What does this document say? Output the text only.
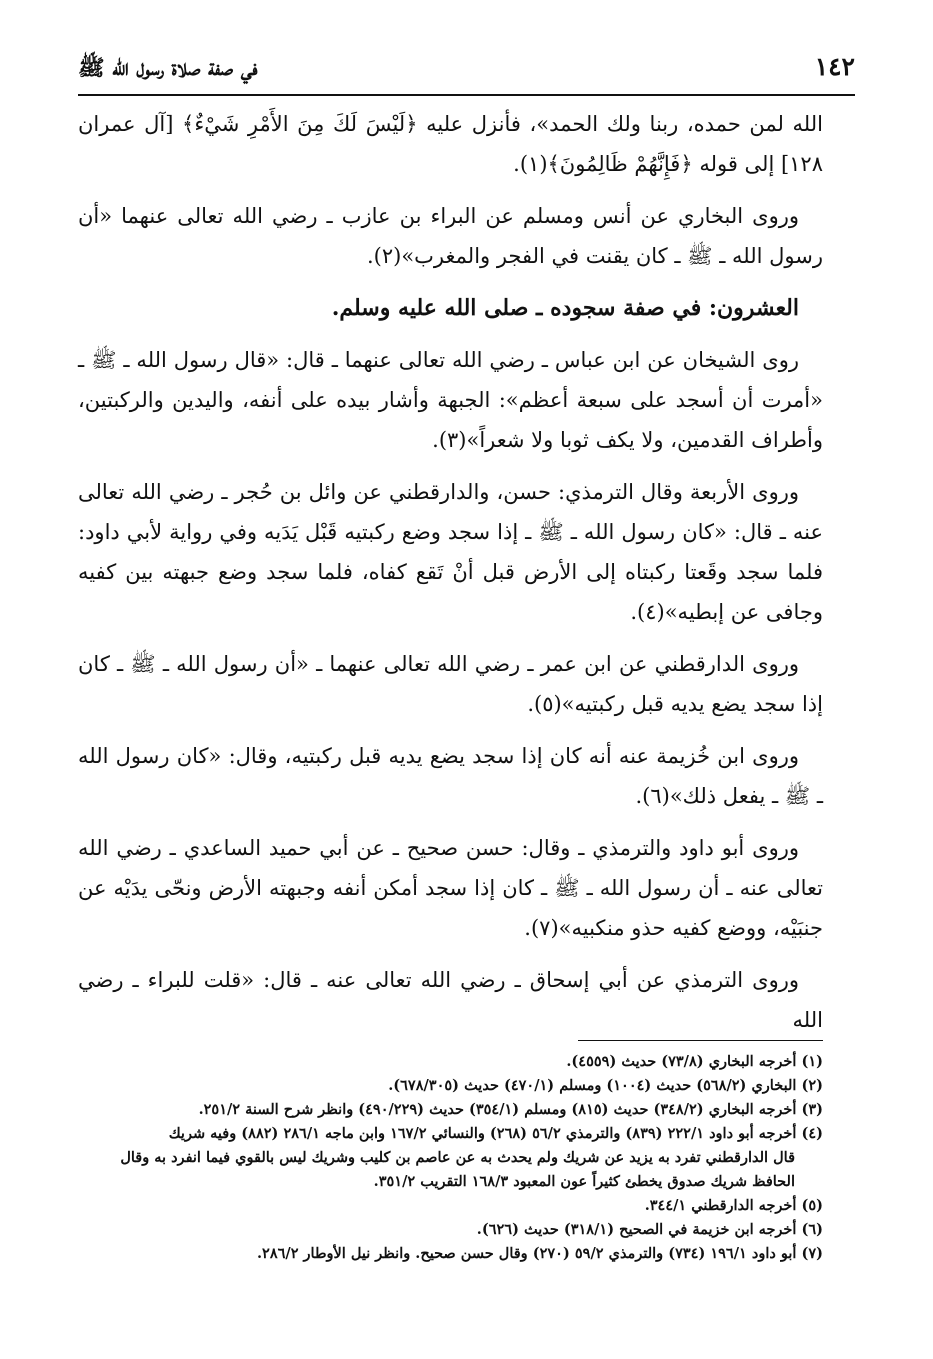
١٤٢
في صفة صلاة رسول الله ﷺ

الله لمن حمده، ربنا ولك الحمد»، فأنزل عليه ﴿لَيْسَ لَكَ مِنَ الأَمْرِ شَيْءٌ﴾ [آل عمران ١٢٨] إلى قوله ﴿فَإِنَّهُمْ ظَالِمُونَ﴾(١).

وروى البخاري عن أنس ومسلم عن البراء بن عازب ـ رضي الله تعالى عنهما «أن رسول الله ـ ﷺ ـ كان يقنت في الفجر والمغرب»(٢).

العشرون: في صفة سجوده ـ صلى الله عليه وسلم.

روى الشيخان عن ابن عباس ـ رضي الله تعالى عنهما ـ قال: «قال رسول الله ـ ﷺ ـ «أمرت أن أسجد على سبعة أعظم»: الجبهة وأشار بيده على أنفه، واليدين والركبتين، وأطراف القدمين، ولا يكف ثوبا ولا شعراً»(٣).

وروى الأربعة وقال الترمذي: حسن، والدارقطني عن وائل بن حُجر ـ رضي الله تعالى عنه ـ قال: «كان رسول الله ـ ﷺ ـ إذا سجد وضع ركبتيه قَبْل يَدَيه وفي رواية لأبي داود: فلما سجد وقَعتا ركبتاه إلى الأرض قبل أنْ تَقع كفاه، فلما سجد وضع جبهته بين كفيه وجافى عن إبطيه»(٤).

وروى الدارقطني عن ابن عمر ـ رضي الله تعالى عنهما ـ «أن رسول الله ـ ﷺ ـ كان إذا سجد يضع يديه قبل ركبتيه»(٥).

وروى ابن خُزيمة عنه أنه كان إذا سجد يضع يديه قبل ركبتيه، وقال: «كان رسول الله ـ ﷺ ـ يفعل ذلك»(٦).

وروى أبو داود والترمذي ـ وقال: حسن صحيح ـ عن أبي حميد الساعدي ـ رضي الله تعالى عنه ـ أن رسول الله ـ ﷺ ـ كان إذا سجد أمكن أنفه وجبهته الأرض ونحّى يدَيْه عن جنبَيْه، ووضع كفيه حذو منكبيه»(٧).

وروى الترمذي عن أبي إسحاق ـ رضي الله تعالى عنه ـ قال: «قلت للبراء ـ رضي الله

(١) أخرجه البخاري (٧٣/٨) حديث (٤٥٥٩).

(٢) البخاري (٥٦٨/٢) حديث (١٠٠٤) ومسلم (٤٧٠/١) حديث (٦٧٨/٣٠٥).

(٣) أخرجه البخاري (٣٤٨/٢) حديث (٨١٥) ومسلم (٣٥٤/١) حديث (٤٩٠/٢٢٩) وانظر شرح السنة ٢٥١/٢.

(٤) أخرجه أبو داود ٢٢٢/١ (٨٣٩) والترمذي ٥٦/٢ (٢٦٨) والنسائي ١٦٧/٢ وابن ماجه ٢٨٦/١ (٨٨٢) وفيه شريك

قال الدارقطني تفرد به يزيد عن شريك ولم يحدث به عن عاصم بن كليب وشريك ليس بالقوي فيما انفرد به وقال

الحافظ شريك صدوق يخطئ كثيراً عون المعبود ١٦٨/٣ التقريب ٣٥١/٢.

(٥) أخرجه الدارقطني ٣٤٤/١.

(٦) أخرجه ابن خزيمة في الصحيح (٣١٨/١) حديث (٦٢٦).

(٧) أبو داود ١٩٦/١ (٧٣٤) والترمذي ٥٩/٢ (٢٧٠) وقال حسن صحيح. وانظر نيل الأوطار ٢٨٦/٢.
